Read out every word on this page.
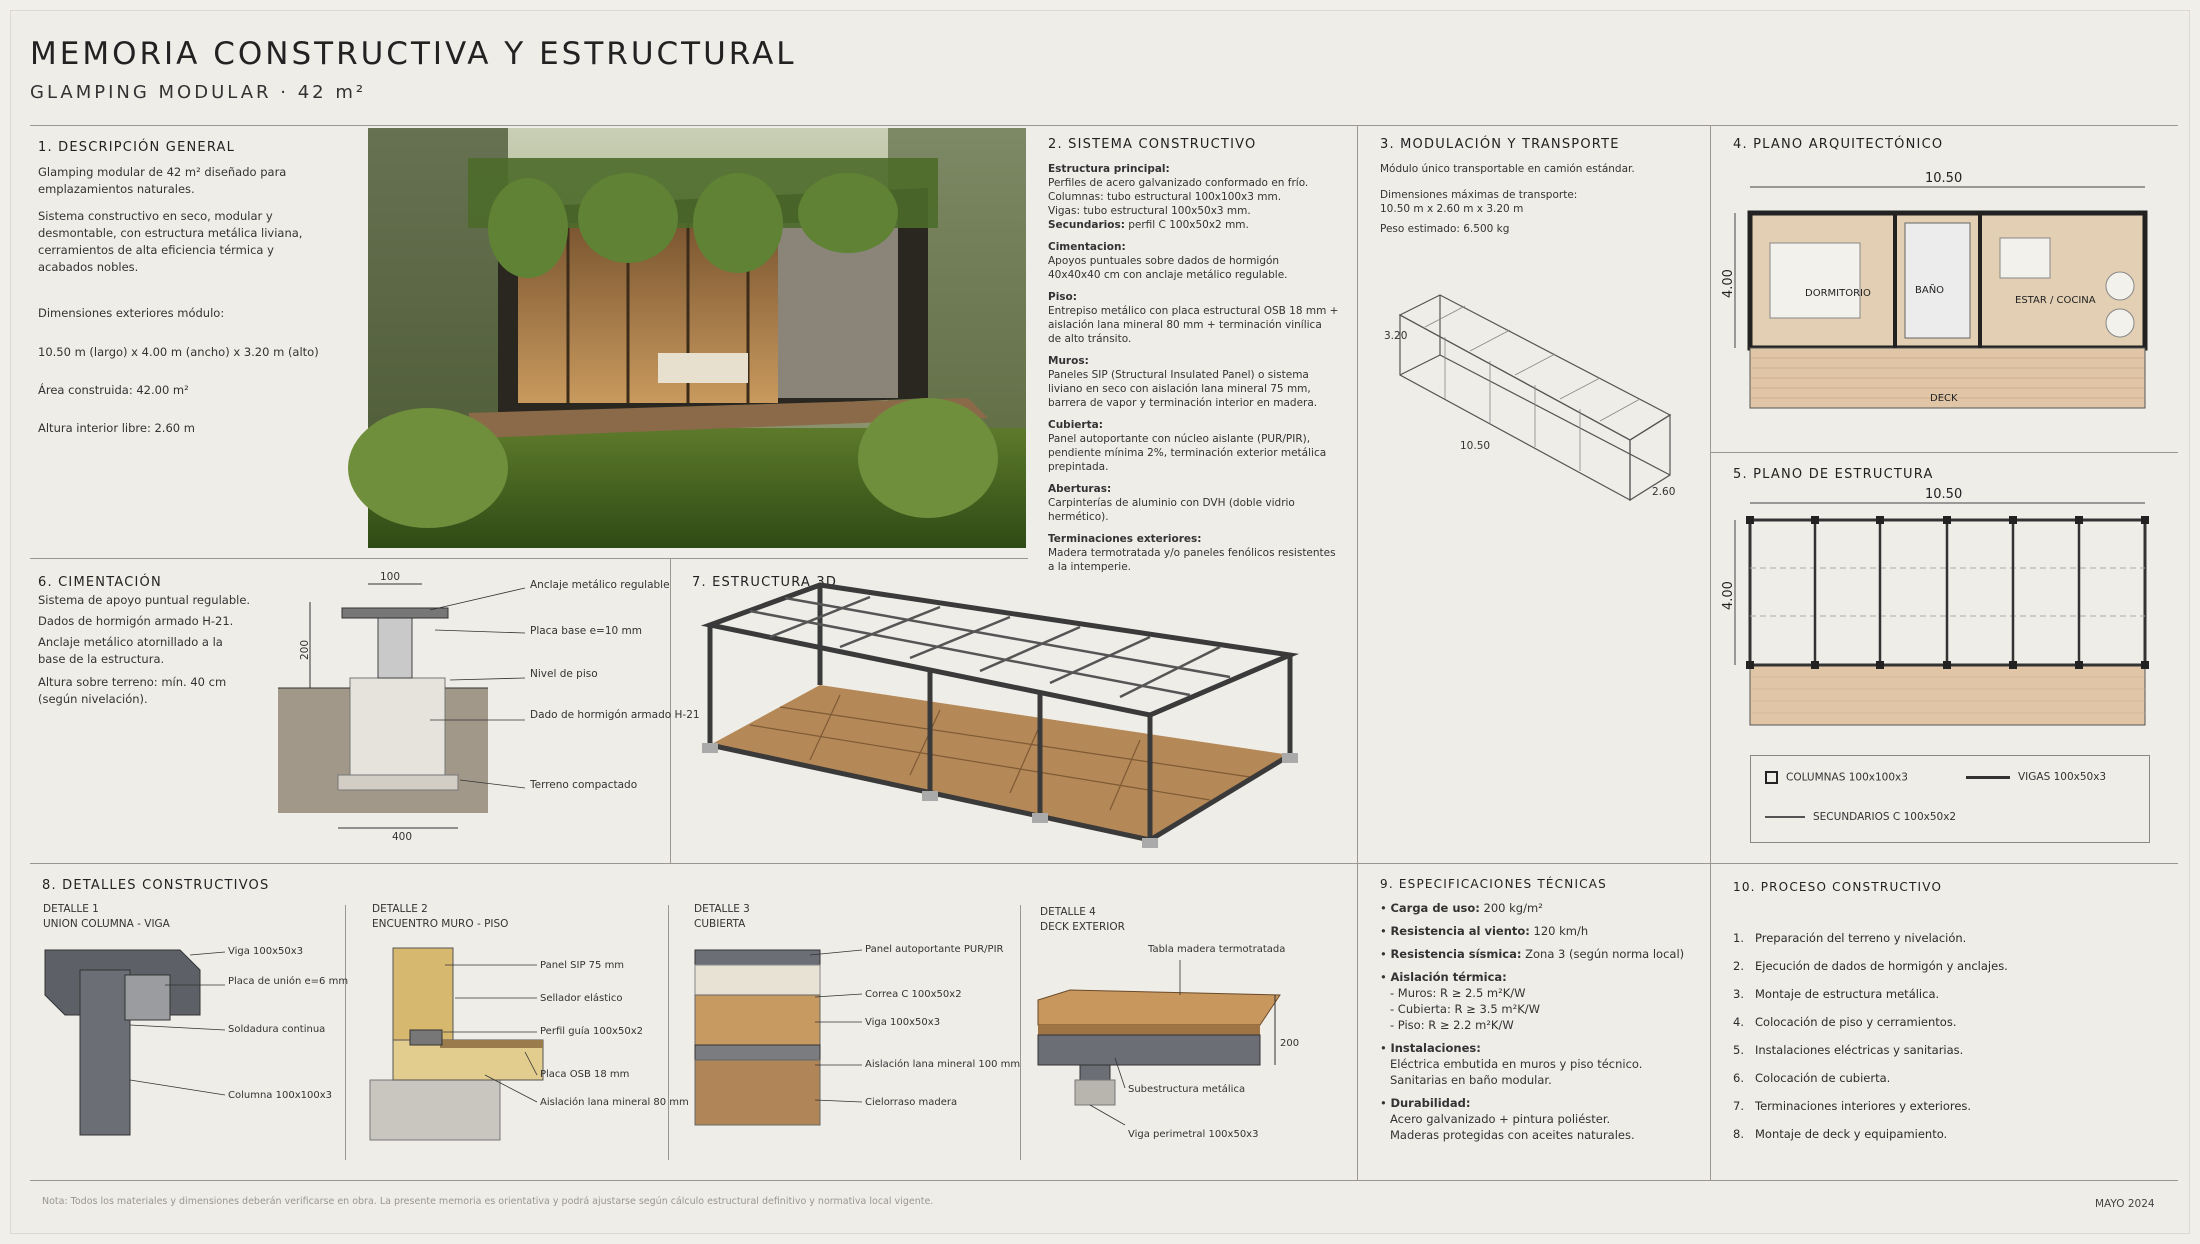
MEMORIA CONSTRUCTIVA Y ESTRUCTURAL
GLAMPING MODULAR · 42 m²
1. DESCRIPCIÓN GENERAL

Glamping modular de 42 m² diseñado para emplazamientos naturales.

Sistema constructivo en seco, modular y desmontable, con estructura metálica liviana, cerramientos de alta eficiencia térmica y acabados nobles.

Dimensiones exteriores módulo:
10.50 m (largo) x 4.00 m (ancho) x 3.20 m (alto)
Área construida: 42.00 m²
Altura interior libre: 2.60 m
2. SISTEMA CONSTRUCTIVO
Estructura principal:
Perfiles de acero galvanizado conformado en frío.
Columnas: tubo estructural 100x100x3 mm.
Vigas: tubo estructural 100x50x3 mm.
Secundarios: perfil C 100x50x2 mm.
Cimentacion:
Apoyos puntuales sobre dados de hormigón
40x40x40 cm con anclaje metálico regulable.
Piso:
Entrepiso metálico con placa estructural OSB 18 mm +
aislación lana mineral 80 mm + terminación vinílica
de alto tránsito.
Muros:
Paneles SIP (Structural Insulated Panel) o sistema
liviano en seco con aislación lana mineral 75 mm,
barrera de vapor y terminación interior en madera.
Cubierta:
Panel autoportante con núcleo aislante (PUR/PIR),
pendiente mínima 2%, terminación exterior metálica
prepintada.
Aberturas:
Carpinterías de aluminio con DVH (doble vidrio hermético).
Terminaciones exteriores:
Madera termotratada y/o paneles fenólicos resistentes
a la intemperie.
3. MODULACIÓN Y TRANSPORTE
Módulo único transportable en camión estándar.
Dimensiones máximas de transporte:
10.50 m x 2.60 m x 3.20 m
Peso estimado: 6.500 kg
3.20
10.50
2.60
4. PLANO ARQUITECTÓNICO
10.50
4.00	DORMITORIO	BAÑO
ESTAR / COCINA
DECK
5. PLANO DE ESTRUCTURA
10.50
4.00
COLUMNAS 100x100x3	VIGAS 100x50x3
SECUNDARIOS C 100x50x2
6. CIMENTACIÓN
Sistema de apoyo puntual regulable.
Dados de hormigón armado H-21.
Anclaje metálico atornillado a la base de la estructura.
Altura sobre terreno: mín. 40 cm (según nivelación).
100
200
400
Anclaje metálico regulable
Placa base e=10 mm
Nivel de piso
Dado de hormigón armado H-21
Terreno compactado
7. ESTRUCTURA 3D
8. DETALLES CONSTRUCTIVOS
DETALLE 1
UNION COLUMNA - VIGA
Viga 100x50x3
Placa de unión e=6 mm
Soldadura continua
Columna 100x100x3
DETALLE 2
ENCUENTRO MURO - PISO
Panel SIP 75 mm
Sellador elástico
Perfil guía 100x50x2
Placa OSB 18 mm
Aislación lana mineral 80 mm
DETALLE 3
CUBIERTA
Panel autoportante PUR/PIR
Correa C 100x50x2
Viga 100x50x3
Aislación lana mineral 100 mm
Cielorraso madera
DETALLE 4
DECK EXTERIOR
Tabla madera termotratada
200
Subestructura metálica
Viga perimetral 100x50x3
9. ESPECIFICACIONES TÉCNICAS
• Carga de uso: 200 kg/m²
• Resistencia al viento: 120 km/h
• Resistencia sísmica: Zona 3 (según norma local)
• Aislación térmica:
- Muros: R ≥ 2.5 m²K/W
- Cubierta: R ≥ 3.5 m²K/W
- Piso: R ≥ 2.2 m²K/W
• Instalaciones:
Eléctrica embutida en muros y piso técnico.
Sanitarias en baño modular.
• Durabilidad:
Acero galvanizado + pintura poliéster.
Maderas protegidas con aceites naturales.
10. PROCESO CONSTRUCTIVO
1. Preparación del terreno y nivelación.
2. Ejecución de dados de hormigón y anclajes.
3. Montaje de estructura metálica.
4. Colocación de piso y cerramientos.
5. Instalaciones eléctricas y sanitarias.
6. Colocación de cubierta.
7. Terminaciones interiores y exteriores.
8. Montaje de deck y equipamiento.
Nota: Todos los materiales y dimensiones deberán verificarse en obra. La presente memoria es orientativa y podrá ajustarse según cálculo estructural definitivo y normativa local vigente.	MAYO 2024
